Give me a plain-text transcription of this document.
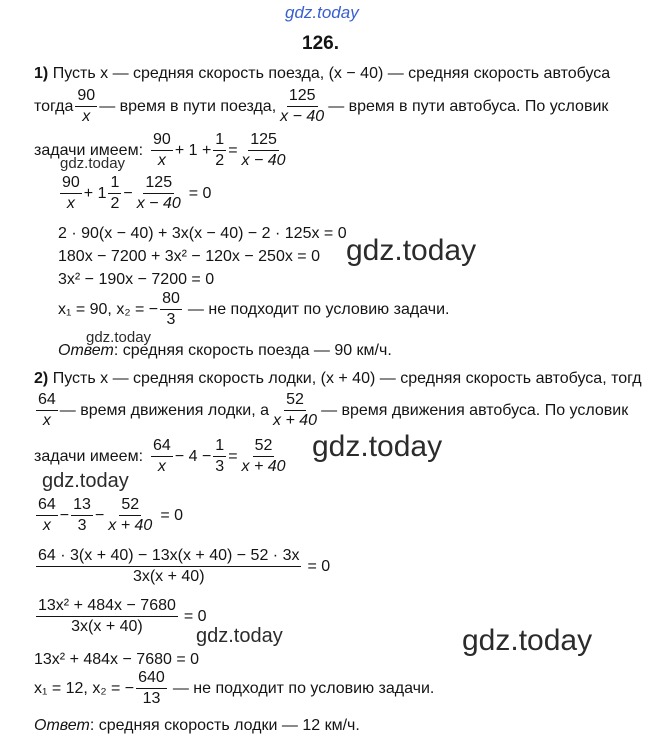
gdz.today
126.
1) Пусть x — средняя скорость поезда, (x − 40) — средняя скорость автобуса
тогда $\frac{90}{x}$ — время в пути поезда, $\frac{125}{x - 40}$ — время в пути автобуса. По условик
задачи имеем: $\frac{90}{x} + 1 + \frac{1}{2} = \frac{125}{x - 40}$
$\frac{90}{x} + 1 \frac{1}{2} - \frac{125}{x - 40} = 0$
2 · 90(x − 40) + 3x(x − 40) − 2 · 125x = 0
180x − 7200 + 3x² − 120x − 250x = 0
3x² − 190x − 7200 = 0
x₁ = 90, x₂ = − $\frac{80}{3}$ — не подходит по условию задачи.
Ответ: средняя скорость поезда — 90 км/ч.
2) Пусть x — средняя скорость лодки, (x + 40) — средняя скорость автобуса, тогд
$\frac{64}{x}$ — время движения лодки, а $\frac{52}{x + 40}$ — время движения автобуса. По условик
задачи имеем: $\frac{64}{x} - 4 - \frac{1}{3} = \frac{52}{x + 40}$
$\frac{64}{x} - \frac{13}{3} - \frac{52}{x + 40} = 0$
$\frac{64 \cdot 3(x + 40) - 13x(x + 40) - 52 \cdot 3x}{3x(x + 40)} = 0$
$\frac{\text{13x² + 484x − 7680}}{3x(x + 40)} = 0$
13x² + 484x − 7680 = 0
x₁ = 12, x₂ = − $\frac{640}{13}$ — не подходит по условию задачи.
Ответ: средняя скорость лодки — 12 км/ч.
gdz.today
gdz.today
gdz.today
gdz.today
gdz.today
gdz.today	gdz.today
